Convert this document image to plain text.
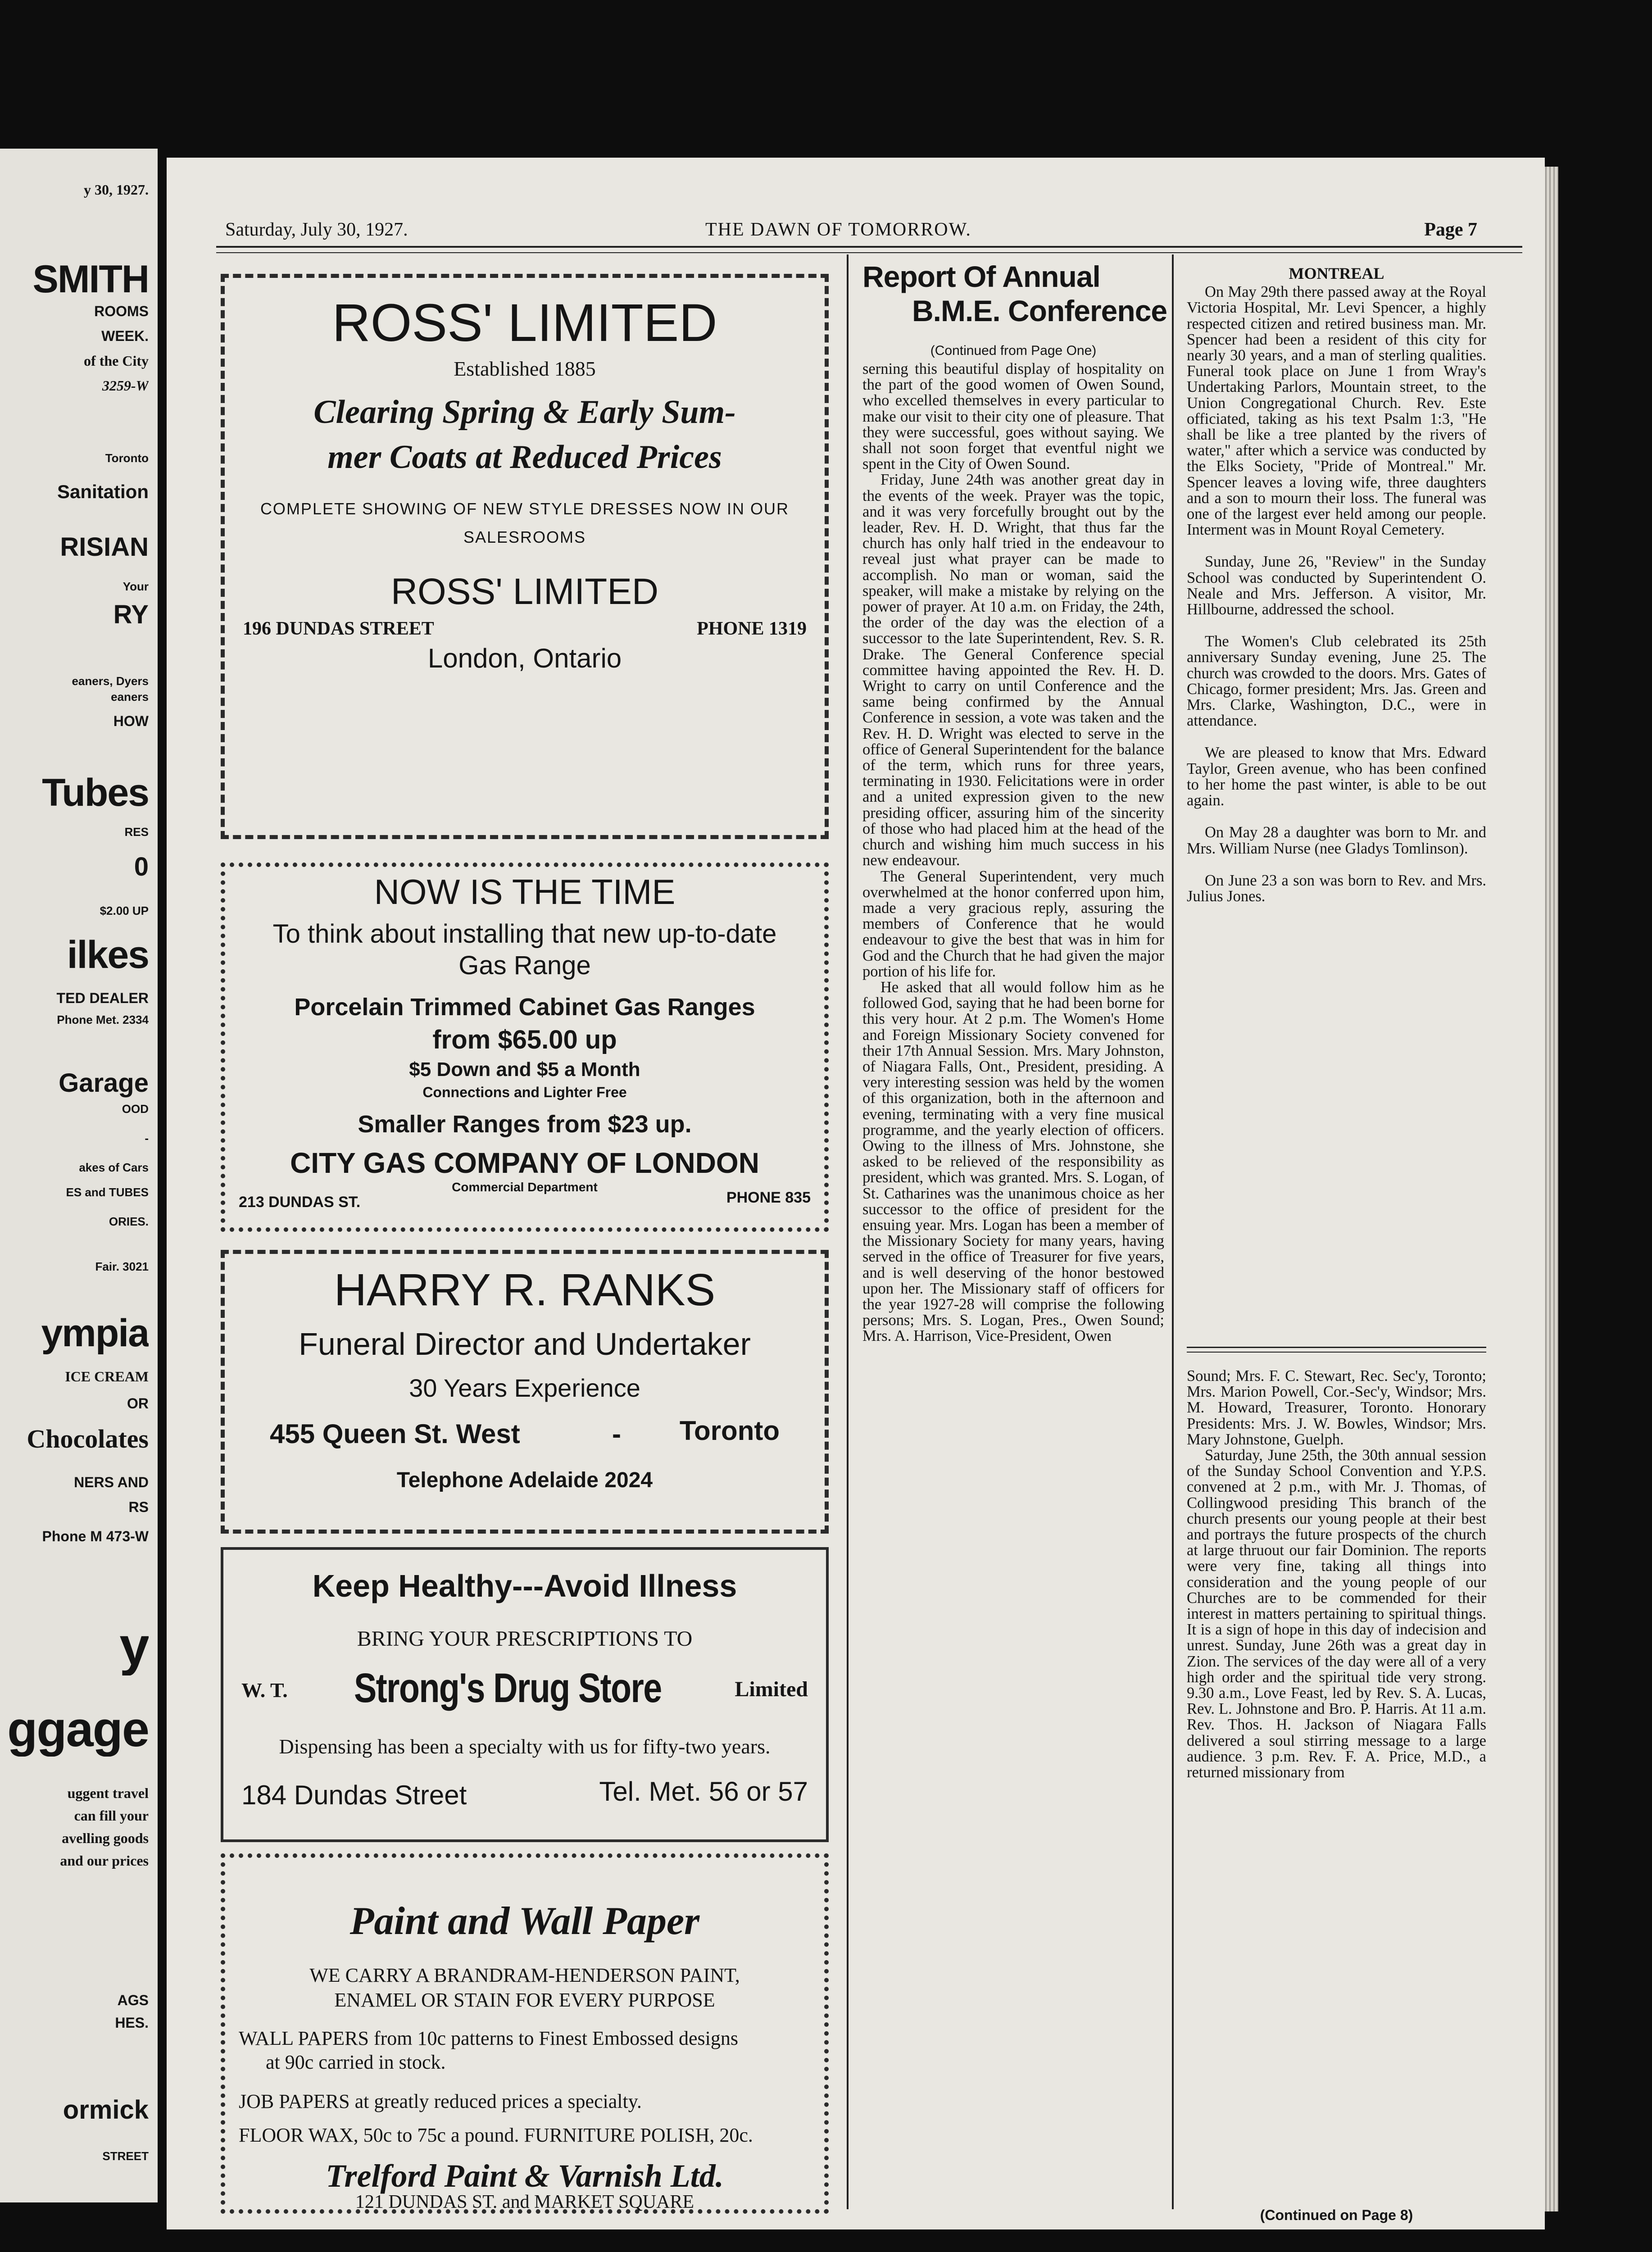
y 30, 1927.
SMITH
ROOMS
WEEK.
of the City
3259-W
Toronto
Sanitation
RISIAN
Your
RY
eaners, Dyers
eaners
HOW
Tubes
RES
0
$2.00 UP
ilkes
TED DEALER
Phone Met. 2334
Garage
OOD
-
akes of Cars
ES and TUBES
ORIES.
Fair. 3021
ympia
ICE CREAM
OR
Chocolates
NERS AND
RS
Phone M 473-W
y
ggage
uggent travel
can fill your
avelling goods
and our prices
AGS
HES.
ormick
STREET
Saturday, July 30, 1927.	THE DAWN OF TOMORROW.	Page 7
ROSS' LIMITED
Established 1885
Clearing Spring & Early Sum-
mer Coats at Reduced Prices
COMPLETE SHOWING OF NEW STYLE DRESSES NOW IN OUR
SALESROOMS
ROSS' LIMITED
196 DUNDAS STREET	PHONE 1319
London, Ontario
NOW IS THE TIME
To think about installing that new up-to-date
Gas Range
Porcelain Trimmed Cabinet Gas Ranges
from $65.00 up
$5 Down and $5 a Month
Connections and Lighter Free
Smaller Ranges from $23 up.
CITY GAS COMPANY OF LONDON
Commercial Department
213 DUNDAS ST.	PHONE 835
HARRY R. RANKS
Funeral Director and Undertaker
30 Years Experience
455 Queen St. West	- Toronto
Telephone Adelaide 2024
Keep Healthy---Avoid Illness
BRING YOUR PRESCRIPTIONS TO
W. T. Strong's Drug Store	Limited
Dispensing has been a specialty with us for fifty-two years.
184 Dundas Street	Tel. Met. 56 or 57
Paint and Wall Paper
WE CARRY A BRANDRAM-HENDERSON PAINT,
ENAMEL OR STAIN FOR EVERY PURPOSE
WALL PAPERS from 10c patterns to Finest Embossed designs
at 90c carried in stock.
JOB PAPERS at greatly reduced prices a specialty.
FLOOR WAX, 50c to 75c a pound. FURNITURE POLISH, 20c.
Trelford Paint & Varnish Ltd.
121 DUNDAS ST. and MARKET SQUARE
Report Of Annual
B.M.E. Conference
(Continued from Page One)

serning this beautiful display of hospitality on the part of the good women of Owen Sound, who excelled themselves in every particular to make our visit to their city one of pleasure. That they were successful, goes without saying. We shall not soon forget that eventful night we spent in the City of Owen Sound.

Friday, June 24th was another great day in the events of the week. Prayer was the topic, and it was very forcefully brought out by the leader, Rev. H. D. Wright, that thus far the church has only half tried in the endeavour to reveal just what prayer can be made to accomplish. No man or woman, said the speaker, will make a mistake by relying on the power of prayer. At 10 a.m. on Friday, the 24th, the order of the day was the election of a successor to the late Superintendent, Rev. S. R. Drake. The General Conference special committee having appointed the Rev. H. D. Wright to carry on until Conference and the same being confirmed by the Annual Conference in session, a vote was taken and the Rev. H. D. Wright was elected to serve in the office of General Superintendent for the balance of the term, which runs for three years, terminating in 1930. Felicitations were in order and a united expression given to the new presiding officer, assuring him of the sincerity of those who had placed him at the head of the church and wishing him much success in his new endeavour.

The General Superintendent, very much overwhelmed at the honor conferred upon him, made a very gracious reply, assuring the members of Conference that he would endeavour to give the best that was in him for God and the Church that he had given the major portion of his life for.

He asked that all would follow him as he followed God, saying that he had been borne for this very hour. At 2 p.m. The Women's Home and Foreign Missionary Society convened for their 17th Annual Session. Mrs. Mary Johnston, of Niagara Falls, Ont., President, presiding. A very interesting session was held by the women of this organization, both in the afternoon and evening, terminating with a very fine musical programme, and the yearly election of officers. Owing to the illness of Mrs. Johnstone, she asked to be relieved of the responsibility as president, which was granted. Mrs. S. Logan, of St. Catharines was the unanimous choice as her successor to the office of president for the ensuing year. Mrs. Logan has been a member of the Missionary Society for many years, having served in the office of Treasurer for five years, and is well deserving of the honor bestowed upon her. The Missionary staff of officers for the year 1927-28 will comprise the following persons; Mrs. S. Logan, Pres., Owen Sound; Mrs. A. Harrison, Vice-President, Owen

MONTREAL

On May 29th there passed away at the Royal Victoria Hospital, Mr. Levi Spencer, a highly respected citizen and retired business man. Mr. Spencer had been a resident of this city for nearly 30 years, and a man of sterling qualities. Funeral took place on June 1 from Wray's Undertaking Parlors, Mountain street, to the Union Congregational Church. Rev. Este officiated, taking as his text Psalm 1:3, "He shall be like a tree planted by the rivers of water," after which a service was conducted by the Elks Society, "Pride of Montreal." Mr. Spencer leaves a loving wife, three daughters and a son to mourn their loss. The funeral was one of the largest ever held among our people. Interment was in Mount Royal Cemetery.

Sunday, June 26, "Review" in the Sunday School was conducted by Superintendent O. Neale and Mrs. Jefferson. A visitor, Mr. Hillbourne, addressed the school.

The Women's Club celebrated its 25th anniversary Sunday evening, June 25. The church was crowded to the doors. Mrs. Gates of Chicago, former president; Mrs. Jas. Green and Mrs. Clarke, Washington, D.C., were in attendance.

We are pleased to know that Mrs. Edward Taylor, Green avenue, who has been confined to her home the past winter, is able to be out again.

On May 28 a daughter was born to Mr. and Mrs. William Nurse (nee Gladys Tomlinson).

On June 23 a son was born to Rev. and Mrs. Julius Jones.

Sound; Mrs. F. C. Stewart, Rec. Sec'y, Toronto; Mrs. Marion Powell, Cor.-Sec'y, Windsor; Mrs. M. Howard, Treasurer, Toronto. Honorary Presidents: Mrs. J. W. Bowles, Windsor; Mrs. Mary Johnstone, Guelph.

Saturday, June 25th, the 30th annual session of the Sunday School Convention and Y.P.S. convened at 2 p.m., with Mr. J. Thomas, of Collingwood presiding This branch of the church presents our young people at their best and portrays the future prospects of the church at large thruout our fair Dominion. The reports were very fine, taking all things into consideration and the young people of our Churches are to be commended for their interest in matters pertaining to spiritual things. It is a sign of hope in this day of indecision and unrest. Sunday, June 26th was a great day in Zion. The services of the day were all of a very high order and the spiritual tide very strong. 9.30 a.m., Love Feast, led by Rev. S. A. Lucas, Rev. L. Johnstone and Bro. P. Harris. At 11 a.m. Rev. Thos. H. Jackson of Niagara Falls delivered a soul stirring message to a large audience. 3 p.m. Rev. F. A. Price, M.D., a returned missionary from

(Continued on Page 8)
